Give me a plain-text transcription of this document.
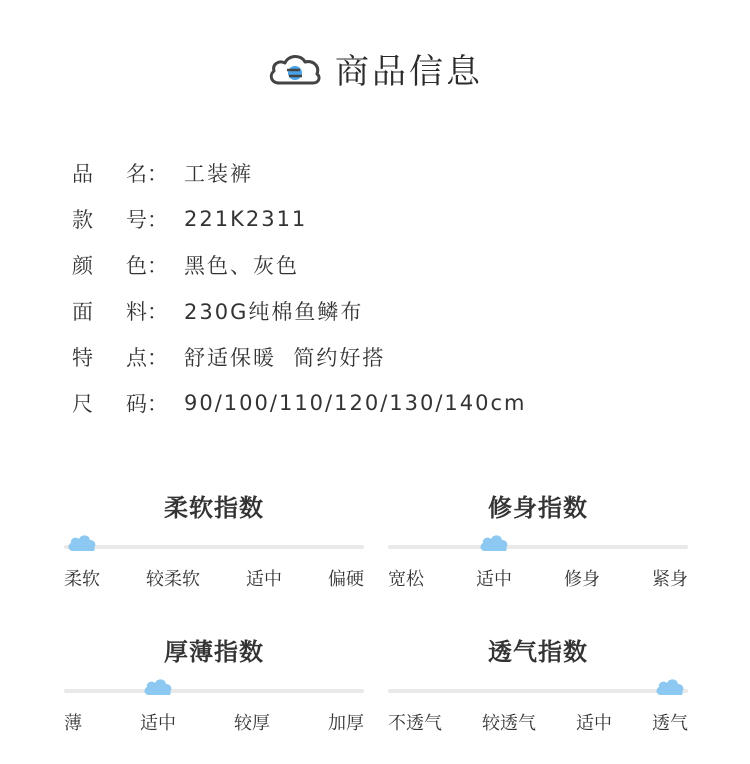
商品信息
品	名： 工装裤
款	号： 221K2311
颜	色： 黑色、灰色
面	料： 230G纯棉鱼鳞布
特	点： 舒适保暖  简约好搭
尺	码： 90/100/110/120/130/140cm
柔软指数
柔软	较柔软	适中	偏硬
修身指数
宽松	适中	修身	紧身
厚薄指数
薄	适中	较厚	加厚
透气指数
不透气 较透气 适中 透气
